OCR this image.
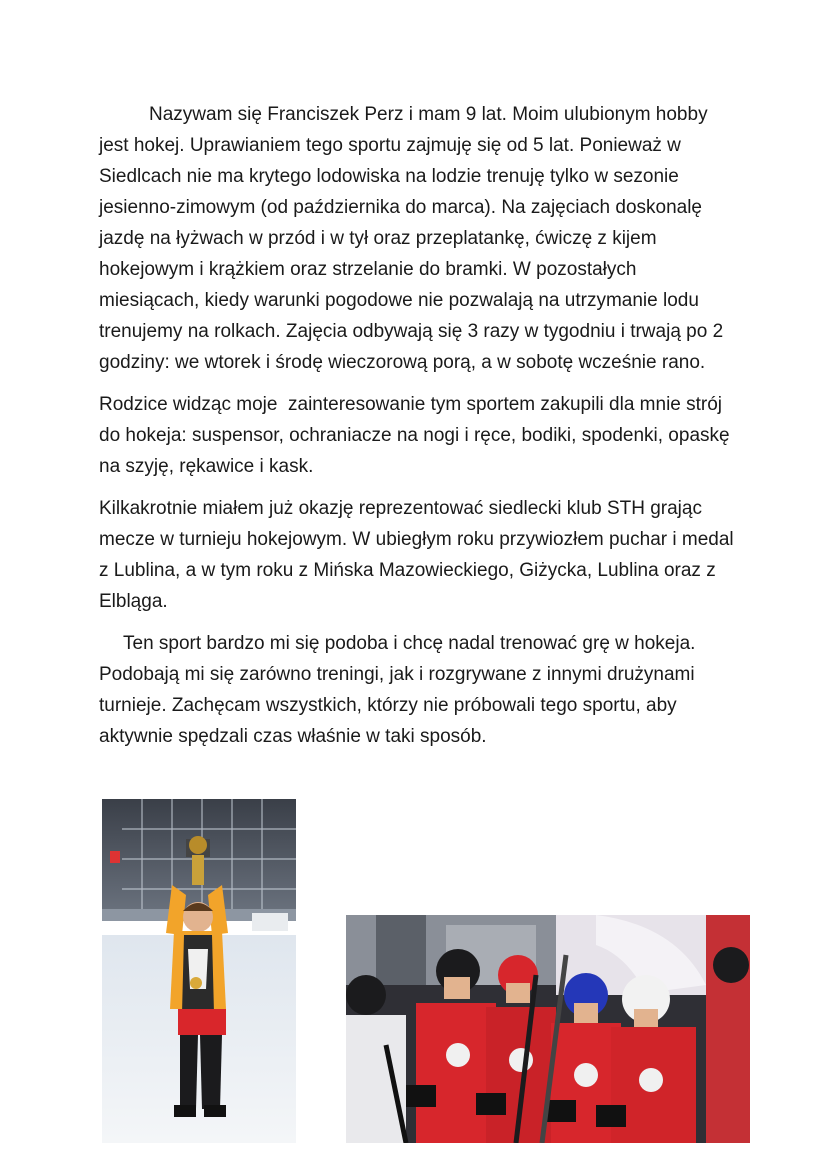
Nazywam się Franciszek Perz i mam 9 lat. Moim ulubionym hobby jest hokej. Uprawianiem tego sportu zajmuję się od 5 lat. Ponieważ w Siedlcach nie ma krytego lodowiska na lodzie trenuję tylko w sezonie jesienno-zimowym (od października do marca). Na zajęciach doskonalę jazdę na łyżwach w przód i w tył oraz przeplatankę, ćwiczę z kijem hokejowym i krążkiem oraz strzelanie do bramki. W pozostałych miesiącach, kiedy warunki pogodowe nie pozwalają na utrzymanie lodu trenujemy na rolkach. Zajęcia odbywają się 3 razy w tygodniu i trwają po 2 godziny: we wtorek i środę wieczorową porą, a w sobotę wcześnie rano.

Rodzice widząc moje  zainteresowanie tym sportem zakupili dla mnie strój do hokeja: suspensor, ochraniacze na nogi i ręce, bodiki, spodenki, opaskę na szyję, rękawice i kask.

Kilkakrotnie miałem już okazję reprezentować siedlecki klub STH grając mecze w turnieju hokejowym. W ubiegłym roku przywiozłem puchar i medal z Lublina, a w tym roku z Mińska Mazowieckiego, Giżycka, Lublina oraz z Elbląga.

Ten sport bardzo mi się podoba i chcę nadal trenować grę w hokeja. Podobają mi się zarówno treningi, jak i rozgrywane z innymi drużynami turnieje. Zachęcam wszystkich, którzy nie próbowali tego sportu, aby aktywnie spędzali czas właśnie w taki sposób.
